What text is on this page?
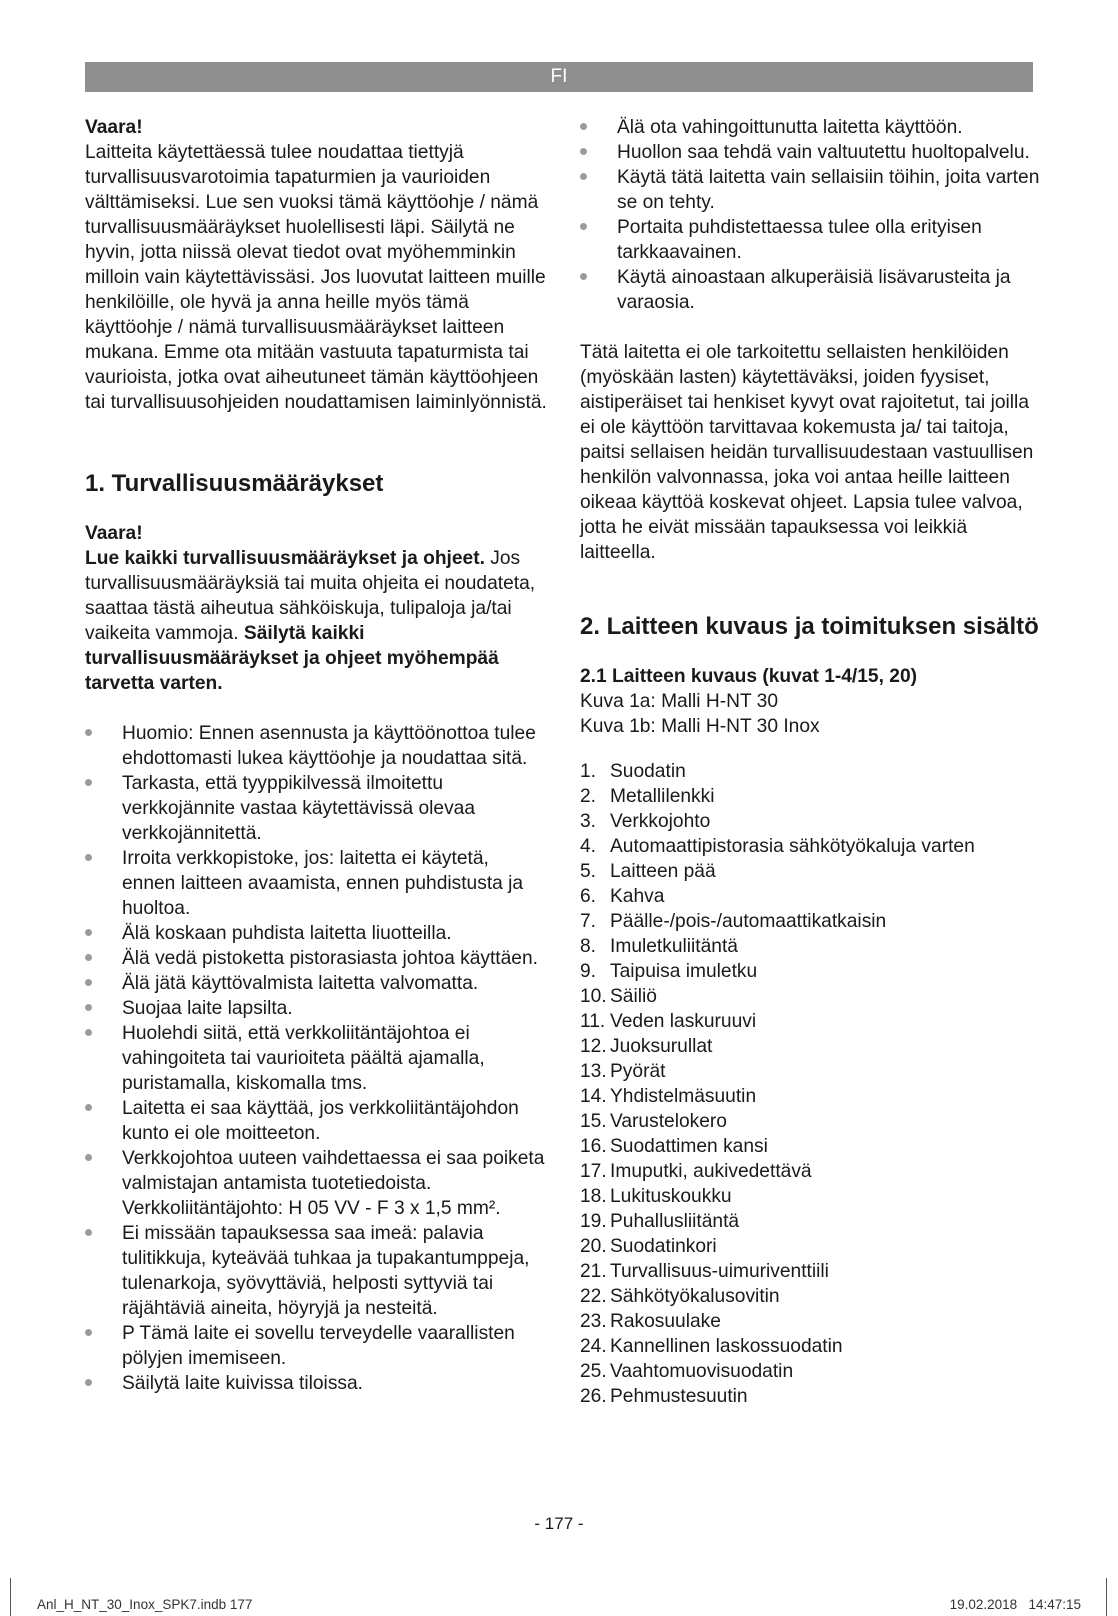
FI

Vaara!

Laitteita käytettäessä tulee noudattaa tiettyjä turvallisuusvarotoimia tapaturmien ja vaurioiden välttämiseksi. Lue sen vuoksi tämä käyttöohje / nämä turvallisuusmääräykset huolellisesti läpi. Säilytä ne hyvin, jotta niissä olevat tiedot ovat myöhemminkin milloin vain käytettävissäsi. Jos luovutat laitteen muille henkilöille, ole hyvä ja anna heille myös tämä käyttöohje / nämä turvallisuusmääräykset laitteen mukana. Emme ota mitään vastuuta tapaturmista tai vaurioista, jotka ovat aiheutuneet tämän käyttöohjeen tai turvallisuusohjeiden noudattamisen laiminlyönnistä.

1. Turvallisuusmääräykset

Vaara!

Lue kaikki turvallisuusmääräykset ja ohjeet. Jos turvallisuusmääräyksiä tai muita ohjeita ei noudateta, saattaa tästä aiheutua sähköiskuja, tulipaloja ja/tai vaikeita vammoja. Säilytä kaikki turvallisuusmääräykset ja ohjeet myöhempää tarvetta varten.

Huomio: Ennen asennusta ja käyttöönottoa tulee ehdottomasti lukea käyttöohje ja noudattaa sitä.
Tarkasta, että tyyppikilvessä ilmoitettu verkkojännite vastaa käytettävissä olevaa verkkojännitettä.
Irroita verkkopistoke, jos: laitetta ei käytetä, ennen laitteen avaamista, ennen puhdistusta ja huoltoa.
Älä koskaan puhdista laitetta liuotteilla.
Älä vedä pistoketta pistorasiasta johtoa käyttäen.
Älä jätä käyttövalmista laitetta valvomatta.
Suojaa laite lapsilta.
Huolehdi siitä, että verkkoliitäntäjohtoa ei vahingoiteta tai vaurioiteta päältä ajamalla, puristamalla, kiskomalla tms.
Laitetta ei saa käyttää, jos verkkoliitäntäjohdon kunto ei ole moitteeton.
Verkkojohtoa uuteen vaihdettaessa ei saa poiketa valmistajan antamista tuotetiedoista. Verkkoliitäntäjohto: H 05 VV - F 3 x 1,5 mm².
Ei missään tapauksessa saa imeä: palavia tulitikkuja, kyteävää tuhkaa ja tupakantumppeja, tulenarkoja, syövyttäviä, helposti syttyviä tai räjähtäviä aineita, höyryjä ja nesteitä.
P Tämä laite ei sovellu terveydelle vaarallisten pölyjen imemiseen.
Säilytä laite kuivissa tiloissa.
Älä ota vahingoittunutta laitetta käyttöön.
Huollon saa tehdä vain valtuutettu huoltopalvelu.
Käytä tätä laitetta vain sellaisiin töihin, joita varten se on tehty.
Portaita puhdistettaessa tulee olla erityisen tarkkaavainen.
Käytä ainoastaan alkuperäisiä lisävarusteita ja varaosia.

Tätä laitetta ei ole tarkoitettu sellaisten henkilöiden (myöskään lasten) käytettäväksi, joiden fyysiset, aistiperäiset tai henkiset kyvyt ovat rajoitetut, tai joilla ei ole käyttöön tarvittavaa kokemusta ja/ tai taitoja, paitsi sellaisen heidän turvallisuudestaan vastuullisen henkilön valvonnassa, joka voi antaa heille laitteen oikeaa käyttöä koskevat ohjeet. Lapsia tulee valvoa, jotta he eivät missään tapauksessa voi leikkiä laitteella.

2. Laitteen kuvaus ja toimituksen sisältö

2.1 Laitteen kuvaus (kuvat 1-4/15, 20)

Kuva 1a: Malli H-NT 30

Kuva 1b: Malli H-NT 30 Inox

1. Suodatin
2. Metallilenkki
3. Verkkojohto
4. Automaattipistorasia sähkötyökaluja varten
5. Laitteen pää
6. Kahva
7. Päälle-/pois-/automaattikatkaisin
8. Imuletkuliitäntä
9. Taipuisa imuletku
10. Säiliö
11. Veden laskuruuvi
12. Juoksurullat
13. Pyörät
14. Yhdistelmäsuutin
15. Varustelokero
16. Suodattimen kansi
17. Imuputki, aukivedettävä
18. Lukituskoukku
19. Puhallusliitäntä
20. Suodatinkori
21. Turvallisuus-uimuriventtiili
22. Sähkötyökalusovitin
23. Rakosuulake
24. Kannellinen laskossuodatin
25. Vaahtomuovisuodatin
26. Pehmustesuutin
- 177 -
Anl_H_NT_30_Inox_SPK7.indb 177	19.02.2018   14:47:15
